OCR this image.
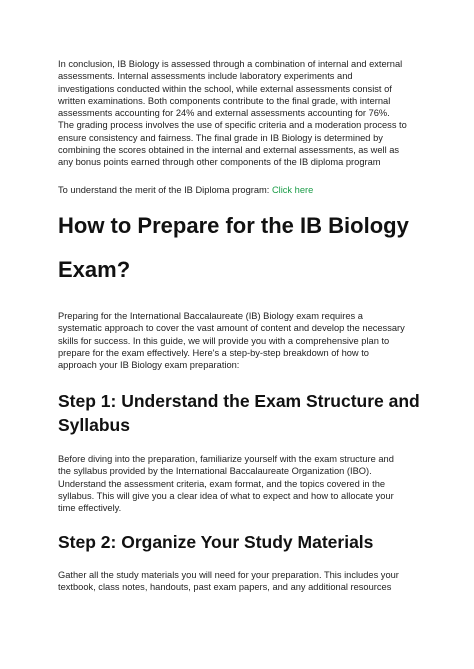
In conclusion, IB Biology is assessed through a combination of internal and external
assessments. Internal assessments include laboratory experiments and
investigations conducted within the school, while external assessments consist of
written examinations. Both components contribute to the final grade, with internal
assessments accounting for 24% and external assessments accounting for 76%.
The grading process involves the use of specific criteria and a moderation process to
ensure consistency and fairness. The final grade in IB Biology is determined by
combining the scores obtained in the internal and external assessments, as well as
any bonus points earned through other components of the IB diploma program

To understand the merit of the IB Diploma program: Click here

How to Prepare for the IB Biology
Exam?

Preparing for the International Baccalaureate (IB) Biology exam requires a
systematic approach to cover the vast amount of content and develop the necessary
skills for success. In this guide, we will provide you with a comprehensive plan to
prepare for the exam effectively. Here's a step-by-step breakdown of how to
approach your IB Biology exam preparation:

Step 1: Understand the Exam Structure and
Syllabus

Before diving into the preparation, familiarize yourself with the exam structure and
the syllabus provided by the International Baccalaureate Organization (IBO).
Understand the assessment criteria, exam format, and the topics covered in the
syllabus. This will give you a clear idea of what to expect and how to allocate your
time effectively.

Step 2: Organize Your Study Materials

Gather all the study materials you will need for your preparation. This includes your
textbook, class notes, handouts, past exam papers, and any additional resources
